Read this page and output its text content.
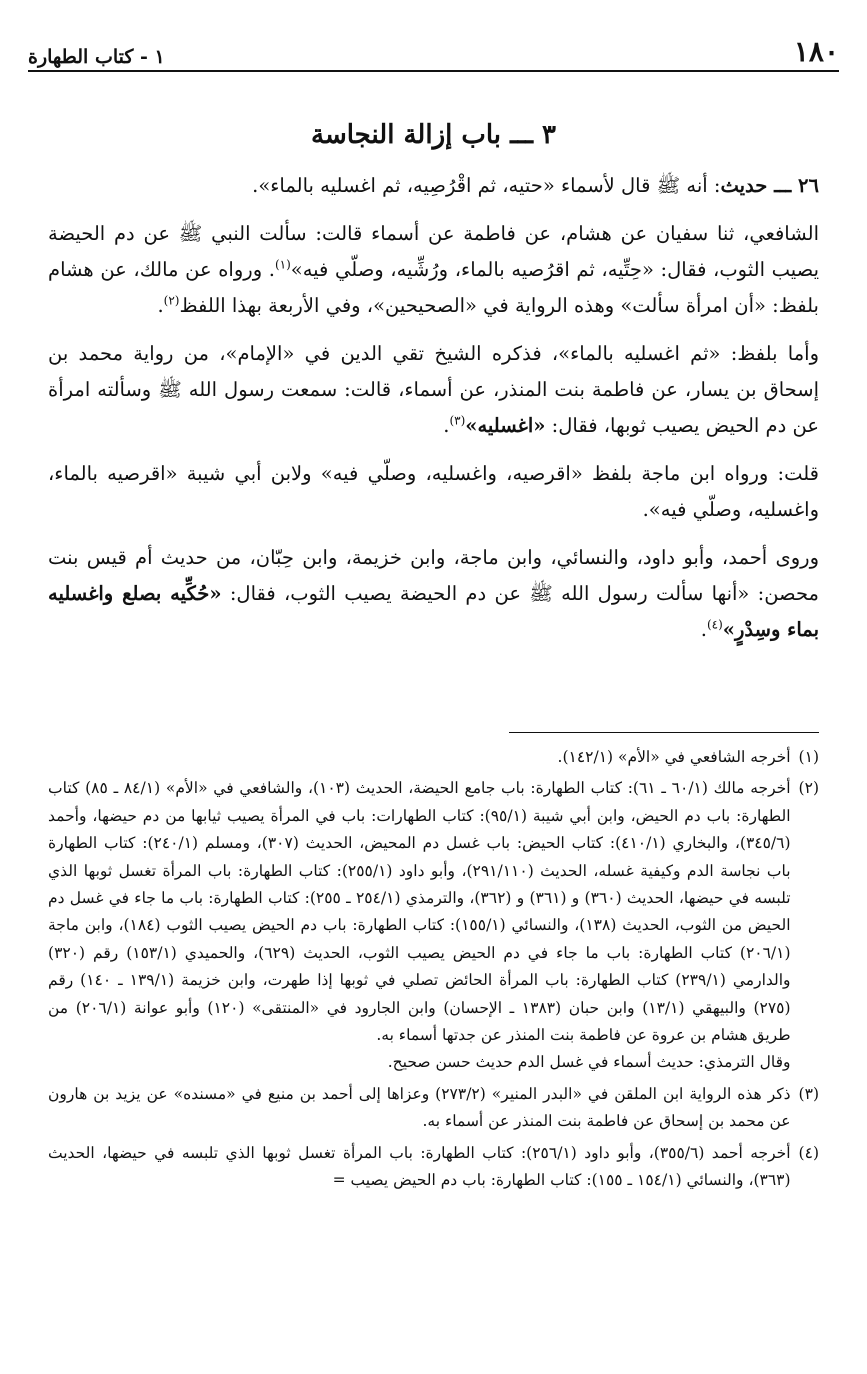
١٨٠
١ - كتاب الطهارة
٣ ـــ باب إزالة النجاسة

٢٦ ـــ حديث: أنه ﷺ قال لأسماء «حتيه، ثم اقْرُصِيه، ثم اغسليه بالماء».

الشافعي، ثنا سفيان عن هشام، عن فاطمة عن أسماء قالت: سألت النبي ﷺ عن دم الحيضة يصيب الثوب، فقال: «حِتِّيه، ثم اقرُصيه بالماء، ورُشِّيه، وصلّي فيه»$^{(١)}$. ورواه عن مالك، عن هشام بلفظ: «أن امرأة سألت» وهذه الرواية في «الصحيحين»، وفي الأربعة بهذا اللفظ$^{(٢)}$.

وأما بلفظ: «ثم اغسليه بالماء»، فذكره الشيخ تقي الدين في «الإمام»، من رواية محمد بن إسحاق بن يسار، عن فاطمة بنت المنذر، عن أسماء، قالت: سمعت رسول الله ﷺ وسألته امرأة عن دم الحيض يصيب ثوبها، فقال: «اغسليه»$^{(٣)}$.

قلت: ورواه ابن ماجة بلفظ «اقرصيه، واغسليه، وصلّي فيه» ولابن أبي شيبة «اقرصيه بالماء، واغسليه، وصلّي فيه».

وروى أحمد، وأبو داود، والنسائي، وابن ماجة، وابن خزيمة، وابن حِبّان، من حديث أم قيس بنت محصن: «أنها سألت رسول الله ﷺ عن دم الحيضة يصيب الثوب، فقال: «حُكِّيه بصلع واغسليه بماء وسِدْرٍ»$^{(٤)}$.

(١)

أخرجه الشافعي في «الأم» (١٤٢/١).

(٢)

أخرجه مالك (٦٠/١ ـ ٦١): كتاب الطهارة: باب جامع الحيضة، الحديث (١٠٣)، والشافعي في «الأم» (٨٤/١ ـ ٨٥) كتاب الطهارة: باب دم الحيض، وابن أبي شيبة (٩٥/١): كتاب الطهارات: باب في المرأة يصيب ثيابها من دم حيضها، وأحمد (٣٤٥/٦)، والبخاري (٤١٠/١): كتاب الحيض: باب غسل دم المحيض، الحديث (٣٠٧)، ومسلم (٢٤٠/١): كتاب الطهارة باب نجاسة الدم وكيفية غسله، الحديث (٢٩١/١١٠)، وأبو داود (٢٥٥/١): كتاب الطهارة: باب المرأة تغسل ثوبها الذي تلبسه في حيضها، الحديث (٣٦٠) و (٣٦١) و (٣٦٢)، والترمذي (٢٥٤/١ ـ ٢٥٥): كتاب الطهارة: باب ما جاء في غسل دم الحيض من الثوب، الحديث (١٣٨)، والنسائي (١٥٥/١): كتاب الطهارة: باب دم الحيض يصيب الثوب (١٨٤)، وابن ماجة (٢٠٦/١) كتاب الطهارة: باب ما جاء في دم الحيض يصيب الثوب، الحديث (٦٢٩)، والحميدي (١٥٣/١) رقم (٣٢٠) والدارمي (٢٣٩/١) كتاب الطهارة: باب المرأة الحائض تصلي في ثوبها إذا طهرت، وابن خزيمة (١٣٩/١ ـ ١٤٠) رقم (٢٧٥) والبيهقي (١٣/١) وابن حبان (١٣٨٣ ـ الإحسان) وابن الجارود في «المنتقى» (١٢٠) وأبو عوانة (٢٠٦/١) من طريق هشام بن عروة عن فاطمة بنت المنذر عن جدتها أسماء به.

وقال الترمذي: حديث أسماء في غسل الدم حديث حسن صحيح.

(٣)

ذكر هذه الرواية ابن الملقن في «البدر المنير» (٢٧٣/٢) وعزاها إلى أحمد بن منيع في «مسنده» عن يزيد بن هارون عن محمد بن إسحاق عن فاطمة بنت المنذر عن أسماء به.

(٤)

أخرجه أحمد (٣٥٥/٦)، وأبو داود (٢٥٦/١): كتاب الطهارة: باب المرأة تغسل ثوبها الذي تلبسه في حيضها، الحديث (٣٦٣)، والنسائي (١٥٤/١ ـ ١٥٥): كتاب الطهارة: باب دم الحيض يصيب =
